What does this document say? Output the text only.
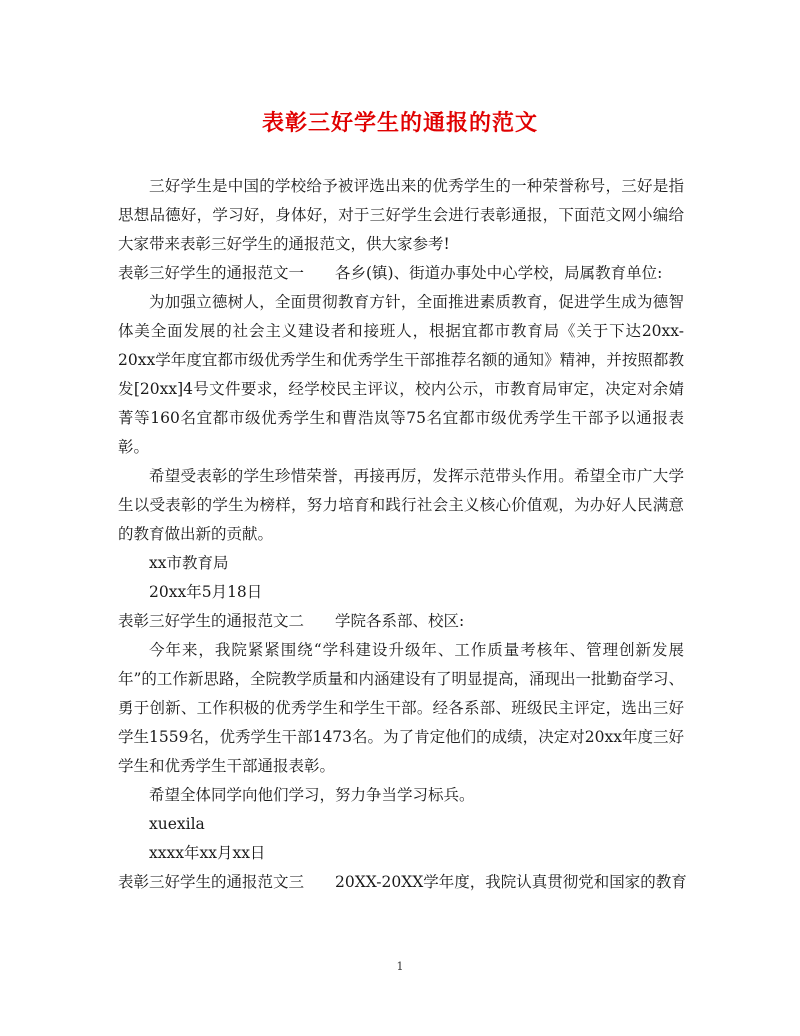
表彰三好学生的通报的范文

三好学生是中国的学校给予被评选出来的优秀学生的一种荣誉称号，三好是指思想品德好，学习好，身体好，对于三好学生会进行表彰通报，下面范文网小编给大家带来表彰三好学生的通报范文，供大家参考!

表彰三好学生的通报范文一　　各乡(镇)、街道办事处中心学校，局属教育单位:

为加强立德树人，全面贯彻教育方针，全面推进素质教育，促进学生成为德智体美全面发展的社会主义建设者和接班人，根据宜都市教育局《关于下达20xx-20xx学年度宜都市级优秀学生和优秀学生干部推荐名额的通知》精神，并按照都教发[20xx]4号文件要求，经学校民主评议，校内公示，市教育局审定，决定对余婧菁等160名宜都市级优秀学生和曹浩岚等75名宜都市级优秀学生干部予以通报表彰。

希望受表彰的学生珍惜荣誉，再接再厉，发挥示范带头作用。希望全市广大学生以受表彰的学生为榜样，努力培育和践行社会主义核心价值观，为办好人民满意的教育做出新的贡献。

xx市教育局

20xx年5月18日

表彰三好学生的通报范文二　　学院各系部、校区:

今年来，我院紧紧围绕“学科建设升级年、工作质量考核年、管理创新发展年”的工作新思路，全院教学质量和内涵建设有了明显提高，涌现出一批勤奋学习、勇于创新、工作积极的优秀学生和学生干部。经各系部、班级民主评定，选出三好学生1559名，优秀学生干部1473名。为了肯定他们的成绩，决定对20xx年度三好学生和优秀学生干部通报表彰。

希望全体同学向他们学习，努力争当学习标兵。

xuexila

xxxx年xx月xx日

表彰三好学生的通报范文三　　20XX-20XX学年度，我院认真贯彻党和国家的教育

1
